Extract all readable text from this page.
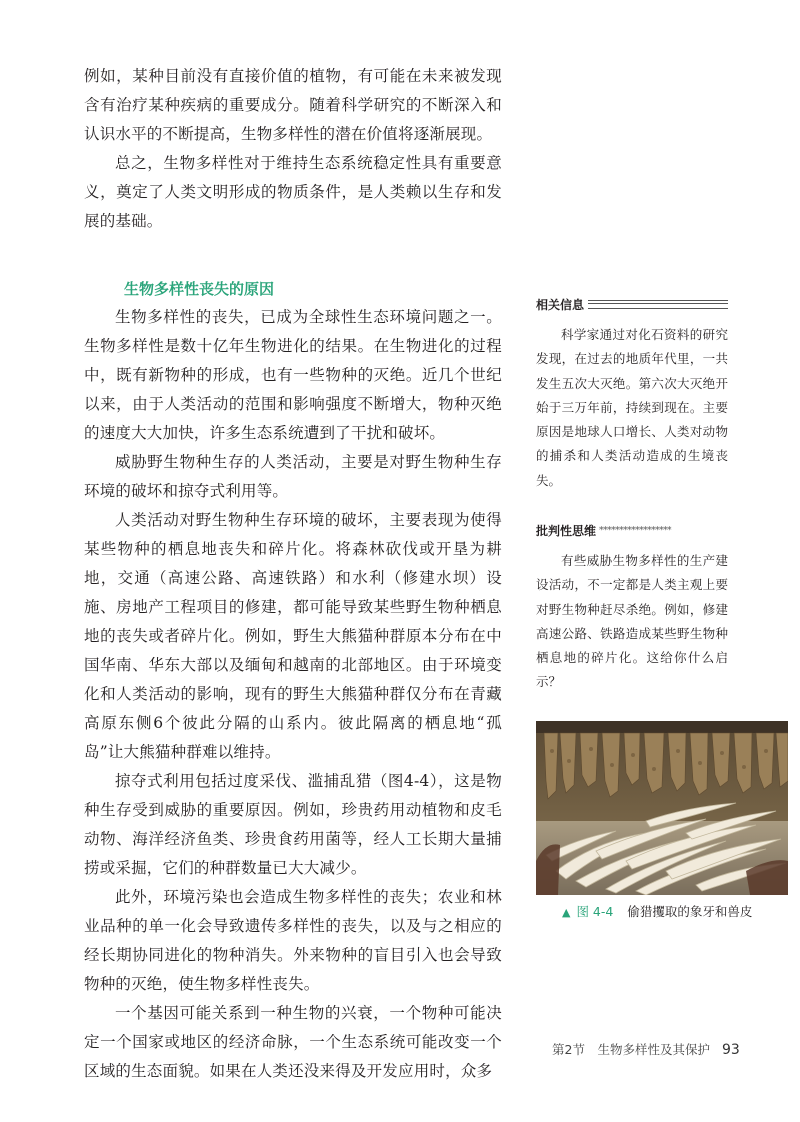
例如，某种目前没有直接价值的植物，有可能在未来被发现含有治疗某种疾病的重要成分。随着科学研究的不断深入和认识水平的不断提高，生物多样性的潜在价值将逐渐展现。

总之，生物多样性对于维持生态系统稳定性具有重要意义，奠定了人类文明形成的物质条件，是人类赖以生存和发展的基础。

生物多样性丧失的原因

生物多样性的丧失，已成为全球性生态环境问题之一。生物多样性是数十亿年生物进化的结果。在生物进化的过程中，既有新物种的形成，也有一些物种的灭绝。近几个世纪以来，由于人类活动的范围和影响强度不断增大，物种灭绝的速度大大加快，许多生态系统遭到了干扰和破坏。

威胁野生物种生存的人类活动，主要是对野生物种生存环境的破坏和掠夺式利用等。

人类活动对野生物种生存环境的破坏，主要表现为使得某些物种的栖息地丧失和碎片化。将森林砍伐或开垦为耕地，交通（高速公路、高速铁路）和水利（修建水坝）设施、房地产工程项目的修建，都可能导致某些野生物种栖息地的丧失或者碎片化。例如，野生大熊猫种群原本分布在中国华南、华东大部以及缅甸和越南的北部地区。由于环境变化和人类活动的影响，现有的野生大熊猫种群仅分布在青藏高原东侧6个彼此分隔的山系内。彼此隔离的栖息地“孤岛”让大熊猫种群难以维持。

掠夺式利用包括过度采伐、滥捕乱猎（图4-4），这是物种生存受到威胁的重要原因。例如，珍贵药用动植物和皮毛动物、海洋经济鱼类、珍贵食药用菌等，经人工长期大量捕捞或采掘，它们的种群数量已大大减少。

此外，环境污染也会造成生物多样性的丧失；农业和林业品种的单一化会导致遗传多样性的丧失，以及与之相应的经长期协同进化的物种消失。外来物种的盲目引入也会导致物种的灭绝，使生物多样性丧失。

一个基因可能关系到一种生物的兴衰，一个物种可能决定一个国家或地区的经济命脉，一个生态系统可能改变一个区域的生态面貌。如果在人类还没来得及开发应用时，众多

相关信息

科学家通过对化石资料的研究发现，在过去的地质年代里，一共发生五次大灭绝。第六次大灭绝开始于三万年前，持续到现在。主要原因是地球人口增长、人类对动物的捕杀和人类活动造成的生境丧失。

批判性思维 ******************

有些威胁生物多样性的生产建设活动，不一定都是人类主观上要对野生物种赶尽杀绝。例如，修建高速公路、铁路造成某些野生物种栖息地的碎片化。这给你什么启示？

▲ 图 4-4 偷猎攫取的象牙和兽皮
第2节　生物多样性及其保护 93
